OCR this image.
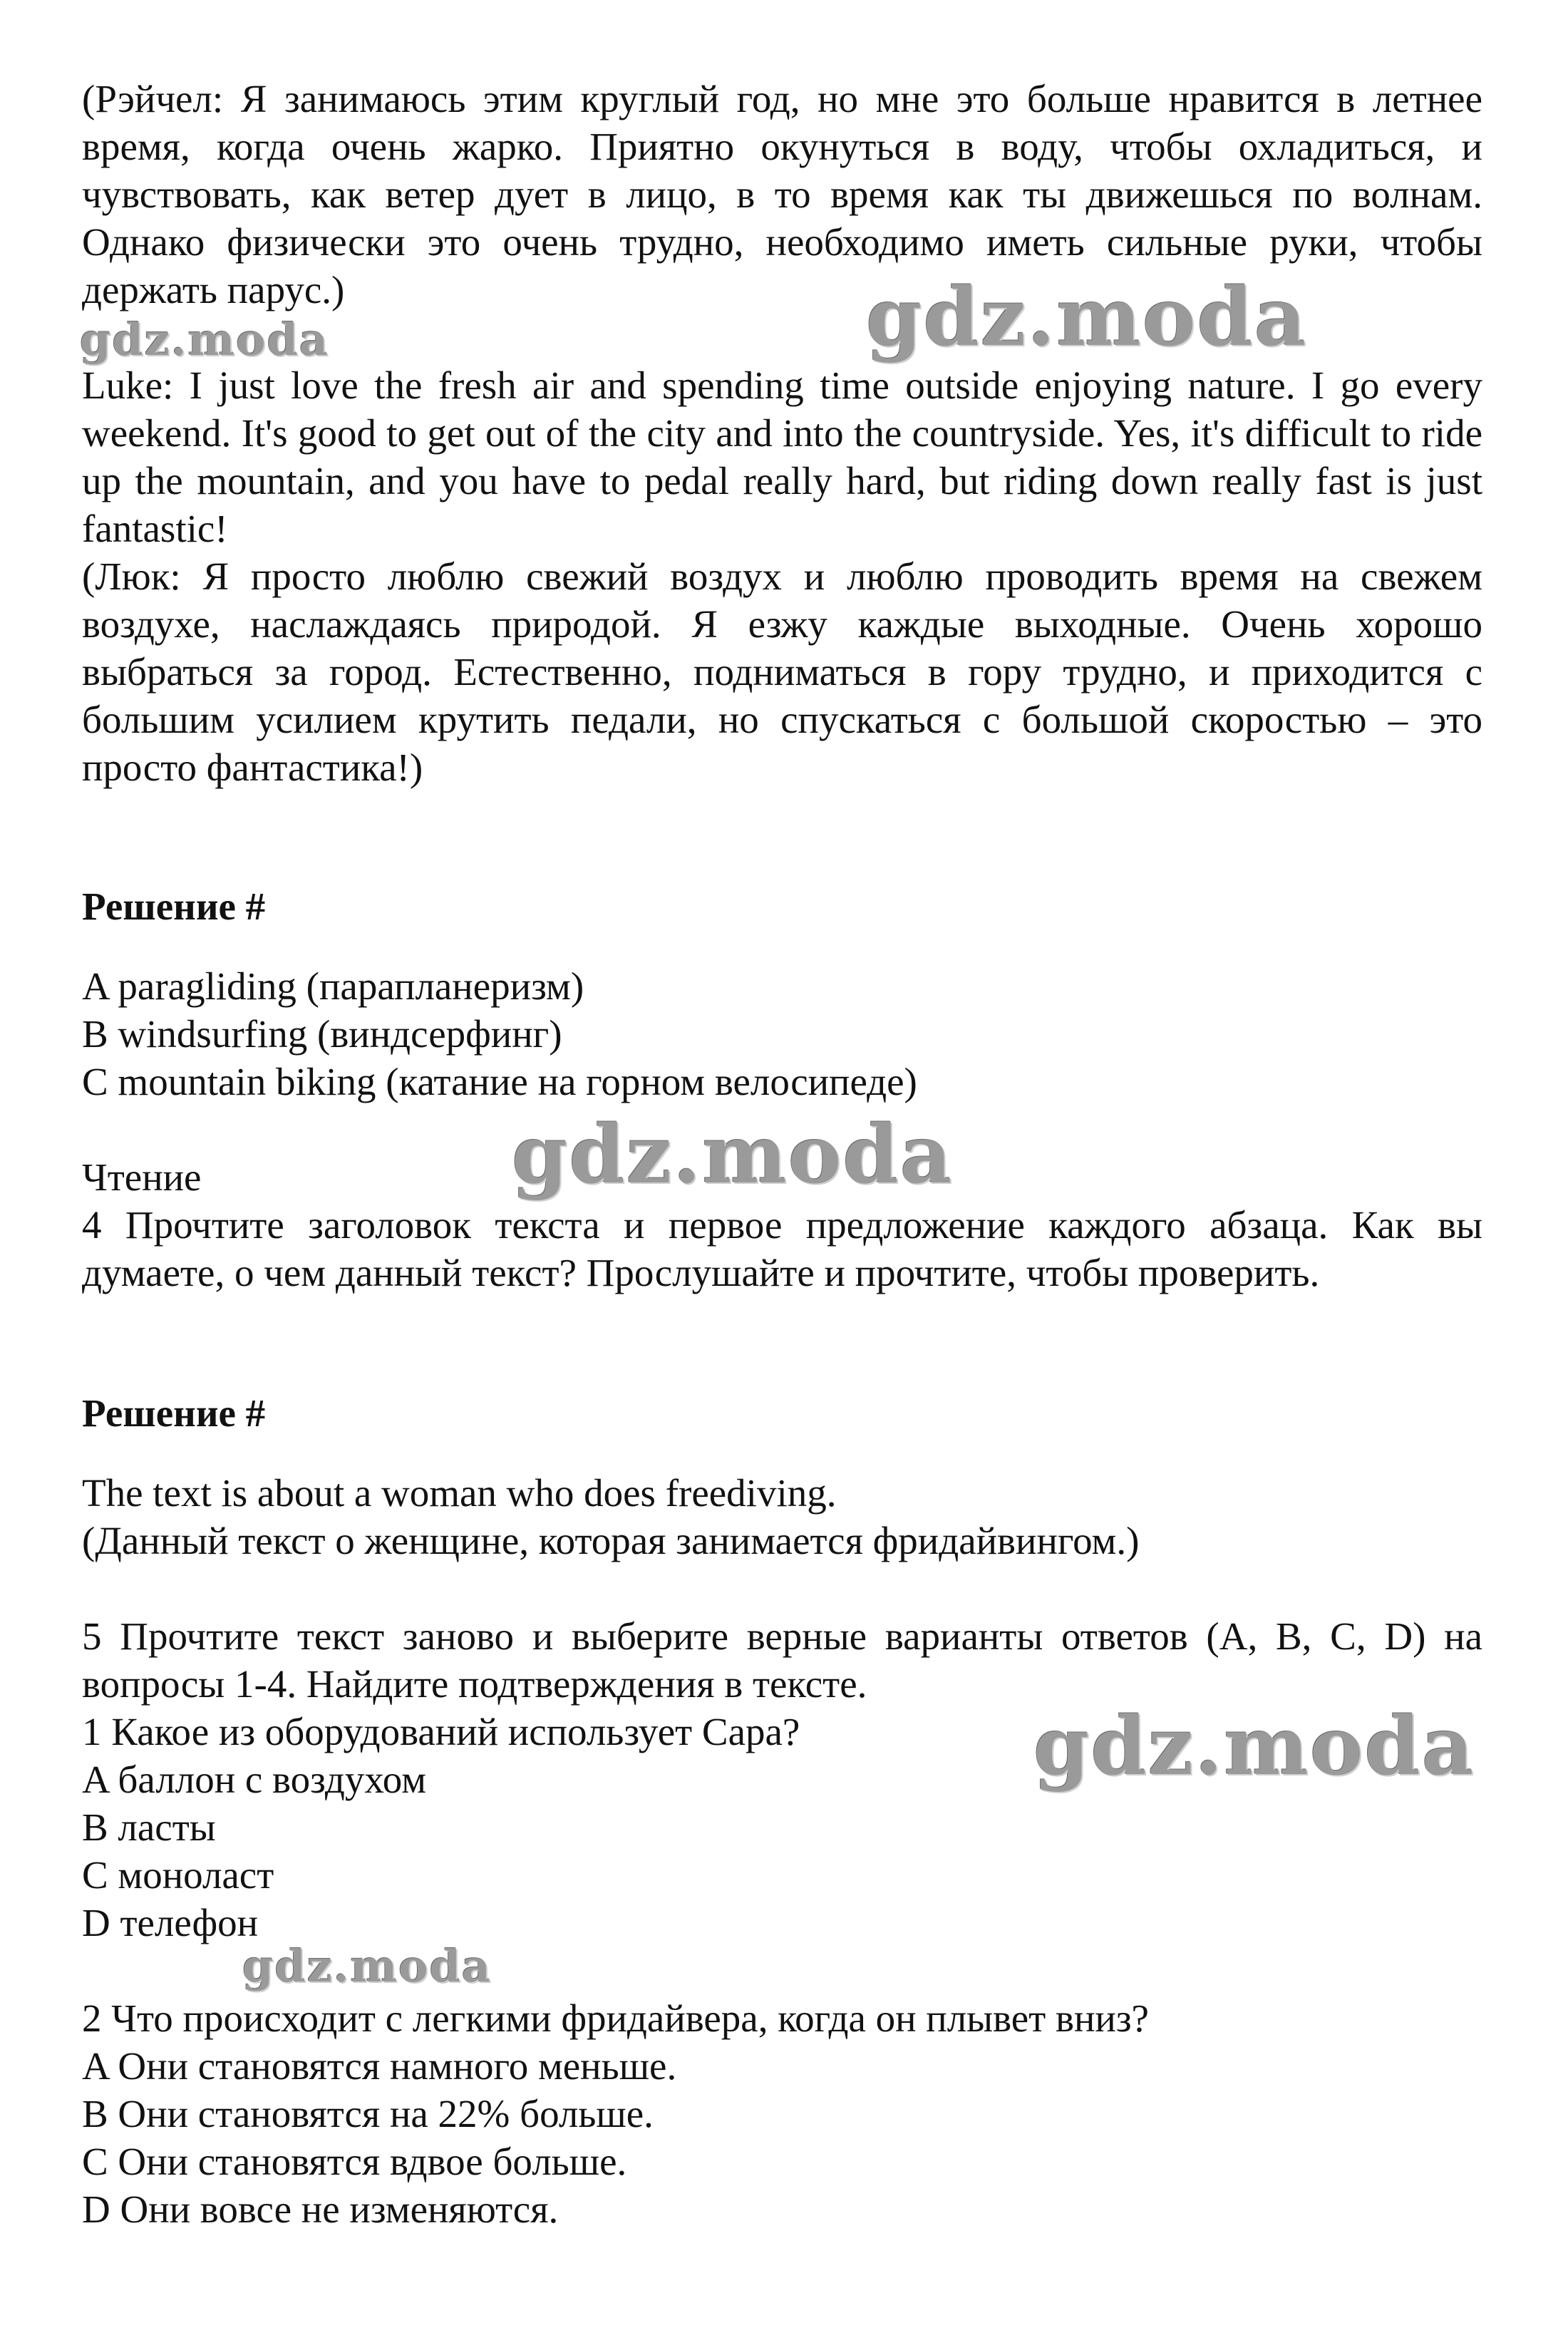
gdz.moda
gdz.moda
gdz.moda
gdz.moda
gdz.moda

(Рэйчел: Я занимаюсь этим круглый год, но мне это больше нравится в летнее время, когда очень жарко. Приятно окунуться в воду, чтобы охладиться, и чувствовать, как ветер дует в лицо, в то время как ты движешься по волнам. Однако физически это очень трудно, необходимо иметь сильные руки, чтобы держать парус.)

Luke: I just love the fresh air and spending time outside enjoying nature. I go every weekend. It's good to get out of the city and into the countryside. Yes, it's difficult to ride up the mountain, and you have to pedal really hard, but riding down really fast is just fantastic!

(Люк: Я просто люблю свежий воздух и люблю проводить время на свежем воздухе, наслаждаясь природой. Я езжу каждые выходные. Очень хорошо выбраться за город. Естественно, подниматься в гору трудно, и приходится с большим усилием крутить педали, но спускаться с большой скоростью – это просто фантастика!)

Решение #

A paragliding (парапланеризм)

B windsurfing (виндсерфинг)

C mountain biking (катание на горном велосипеде)

Чтение

4 Прочтите заголовок текста и первое предложение каждого абзаца. Как вы думаете, о чем данный текст? Прослушайте и прочтите, чтобы проверить.

Решение #

The text is about a woman who does freediving.

(Данный текст о женщине, которая занимается фридайвингом.)

5 Прочтите текст заново и выберите верные варианты ответов (A, B, C, D) на вопросы 1-4. Найдите подтверждения в тексте.

1 Какое из оборудований использует Сара?

A баллон с воздухом

B ласты

C моноласт

D телефон

2 Что происходит с легкими фридайвера, когда он плывет вниз?

A Они становятся намного меньше.

B Они становятся на 22% больше.

C Они становятся вдвое больше.

D Они вовсе не изменяются.
